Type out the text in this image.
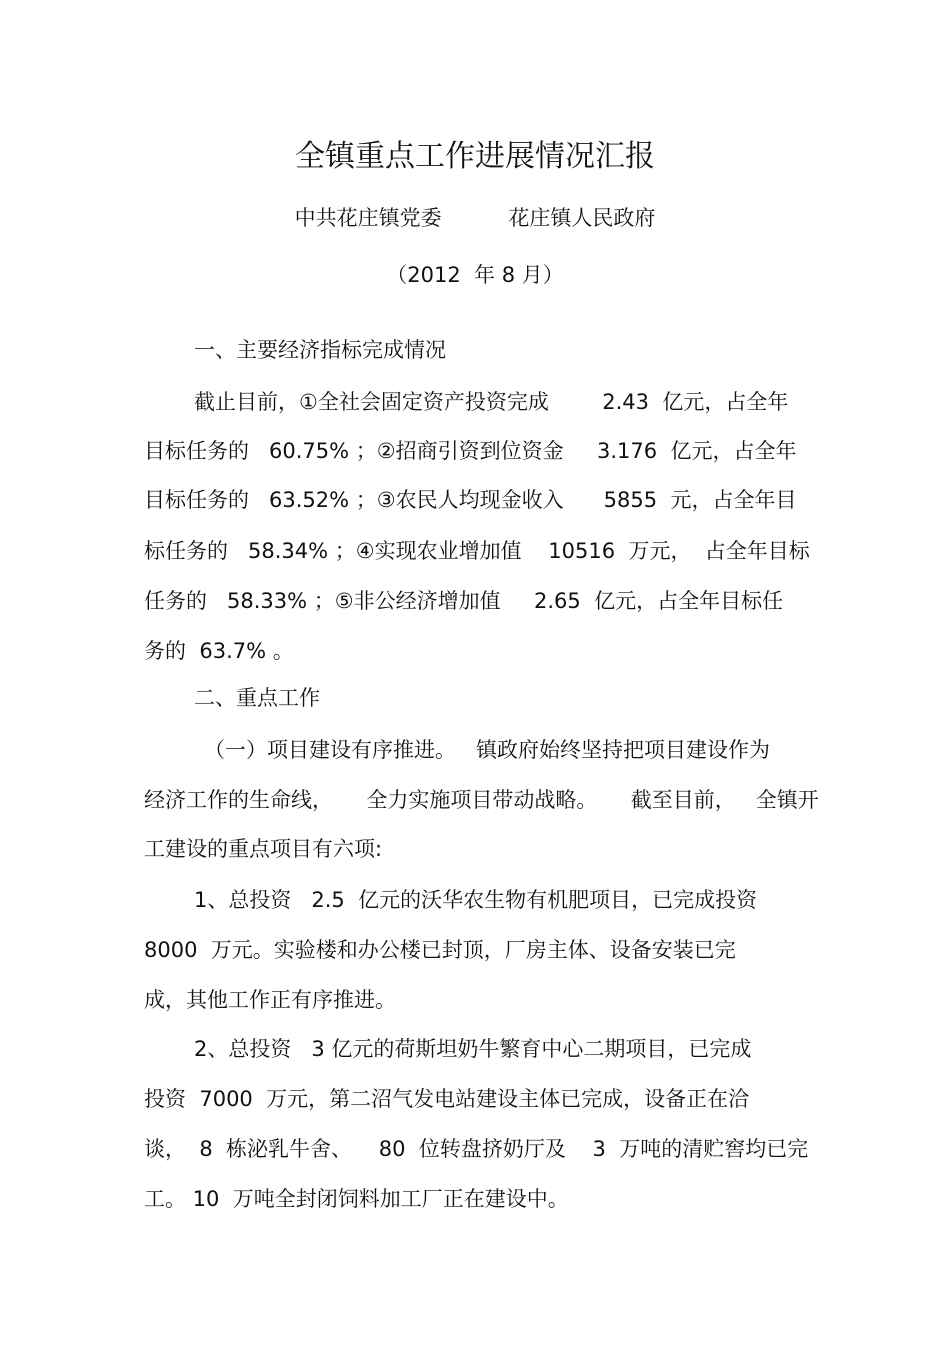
全镇重点工作进展情况汇报
中共花庄镇党委          花庄镇人民政府
（2012  年 8 月）
一、主要经济指标完成情况
截止目前，①全社会固定资产投资完成        2.43  亿元，占全年
目标任务的   60.75% ；②招商引资到位资金     3.176  亿元，占全年
目标任务的   63.52% ；③农民人均现金收入      5855  元，占全年目
标任务的   58.34% ；④实现农业增加值    10516  万元，  占全年目标
任务的   58.33% ；⑤非公经济增加值     2.65  亿元，占全年目标任
务的  63.7% 。
二、重点工作
（一）项目建设有序推进。   镇政府始终坚持把项目建设作为
经济工作的生命线，     全力实施项目带动战略。     截至目前，   全镇开
工建设的重点项目有六项:
1、总投资   2.5  亿元的沃华农生物有机肥项目，已完成投资
8000  万元。实验楼和办公楼已封顶，厂房主体、设备安装已完
成，其他工作正有序推进。
2、总投资   3 亿元的荷斯坦奶牛繁育中心二期项目，已完成
投资  7000  万元，第二沼气发电站建设主体已完成，设备正在洽
谈，  8  栋泌乳牛舍、    80  位转盘挤奶厅及    3  万吨的清贮窖均已完
工。 10  万吨全封闭饲料加工厂正在建设中。
